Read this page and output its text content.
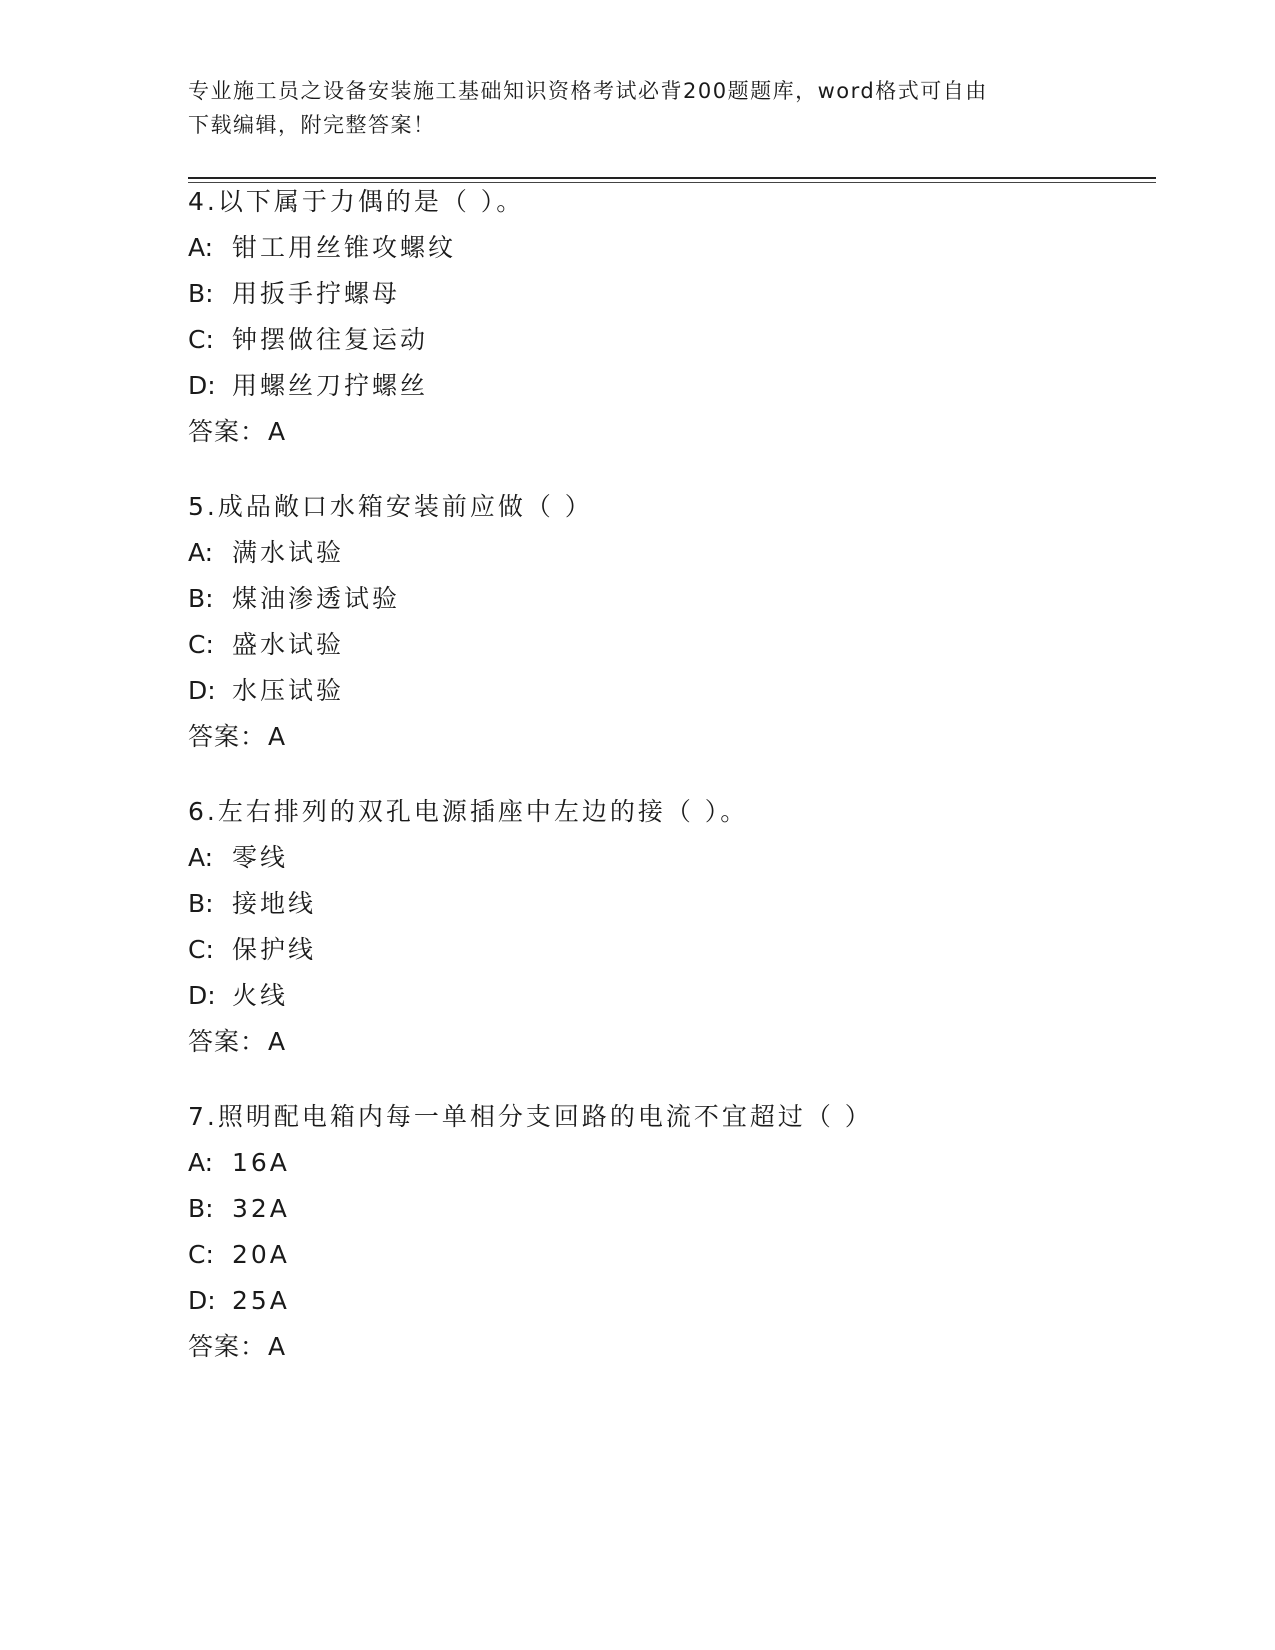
专业施工员之设备安装施工基础知识资格考试必背200题题库，word格式可自由
下载编辑，附完整答案！
4.以下属于力偶的是（ ）。
A: 钳工用丝锥攻螺纹
B: 用扳手拧螺母
C: 钟摆做往复运动
D: 用螺丝刀拧螺丝
答案：A
5.成品敞口水箱安装前应做（ ）
A: 满水试验
B: 煤油渗透试验
C: 盛水试验
D: 水压试验
答案：A
6.左右排列的双孔电源插座中左边的接（ ）。
A: 零线
B: 接地线
C: 保护线
D: 火线
答案：A
7.照明配电箱内每一单相分支回路的电流不宜超过（ ）
A: 16A
B: 32A
C: 20A
D: 25A
答案：A
